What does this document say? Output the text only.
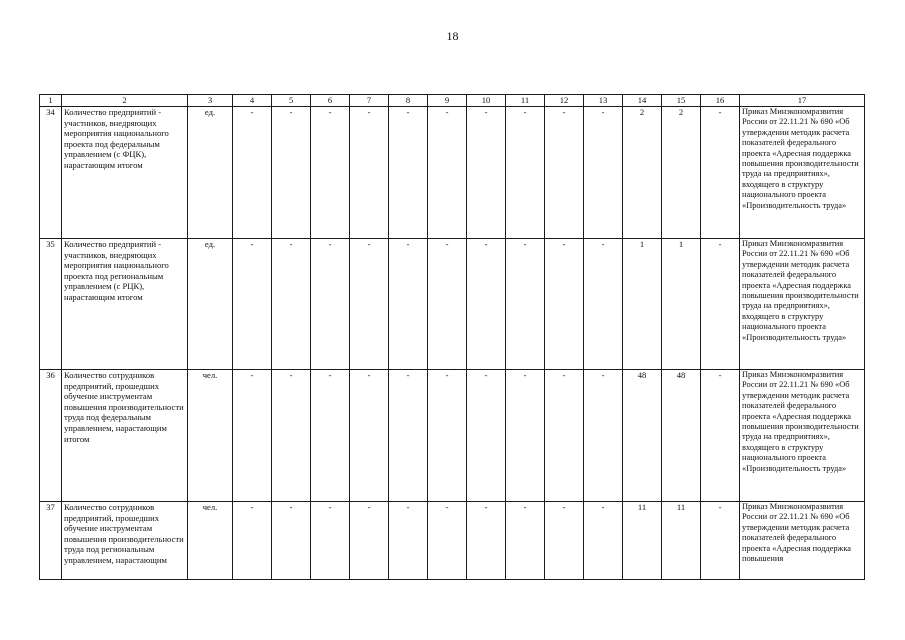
18
1	2	3	4	5	6	7	8	9	10	11	12	13	14	15	16	17
34	Количество предприятий - участников, внедряющих мероприятия национального проекта под федеральным управлением (с ФЦК), нарастающим итогом	ед.	-	-	-	-	-	-	-	-	-	-	2	2	-	Приказ Минэкономразвития России от 22.11.21 № 690 «Об утверждении методик расчета показателей федерального проекта «Адресная поддержка повышения производительности труда на предприятиях», входящего в структуру национального проекта «Производительность труда»
35	Количество предприятий - участников, внедряющих мероприятия национального проекта под региональным управлением (с РЦК), нарастающим итогом	ед.	-	-	-	-	-	-	-	-	-	-	1	1	-	Приказ Минэкономразвития России от 22.11.21 № 690 «Об утверждении методик расчета показателей федерального проекта «Адресная поддержка повышения производительности труда на предприятиях», входящего в структуру национального проекта «Производительность труда»
36	Количество сотрудников предприятий, прошедших обучение инструментам повышения производительности труда под федеральным управлением, нарастающим итогом	чел.	-	-	-	-	-	-	-	-	-	-	48	48	-	Приказ Минэкономразвития России от 22.11.21 № 690 «Об утверждении методик расчета показателей федерального проекта «Адресная поддержка повышения производительности труда на предприятиях», входящего в структуру национального проекта «Производительность труда»
37	Количество сотрудников предприятий, прошедших обучение инструментам повышения производительности труда под региональным управлением, нарастающим	чел.	-	-	-	-	-	-	-	-	-	-	11	11	-	Приказ Минэкономразвития России от 22.11.21 № 690 «Об утверждении методик расчета показателей федерального проекта «Адресная поддержка повышения
